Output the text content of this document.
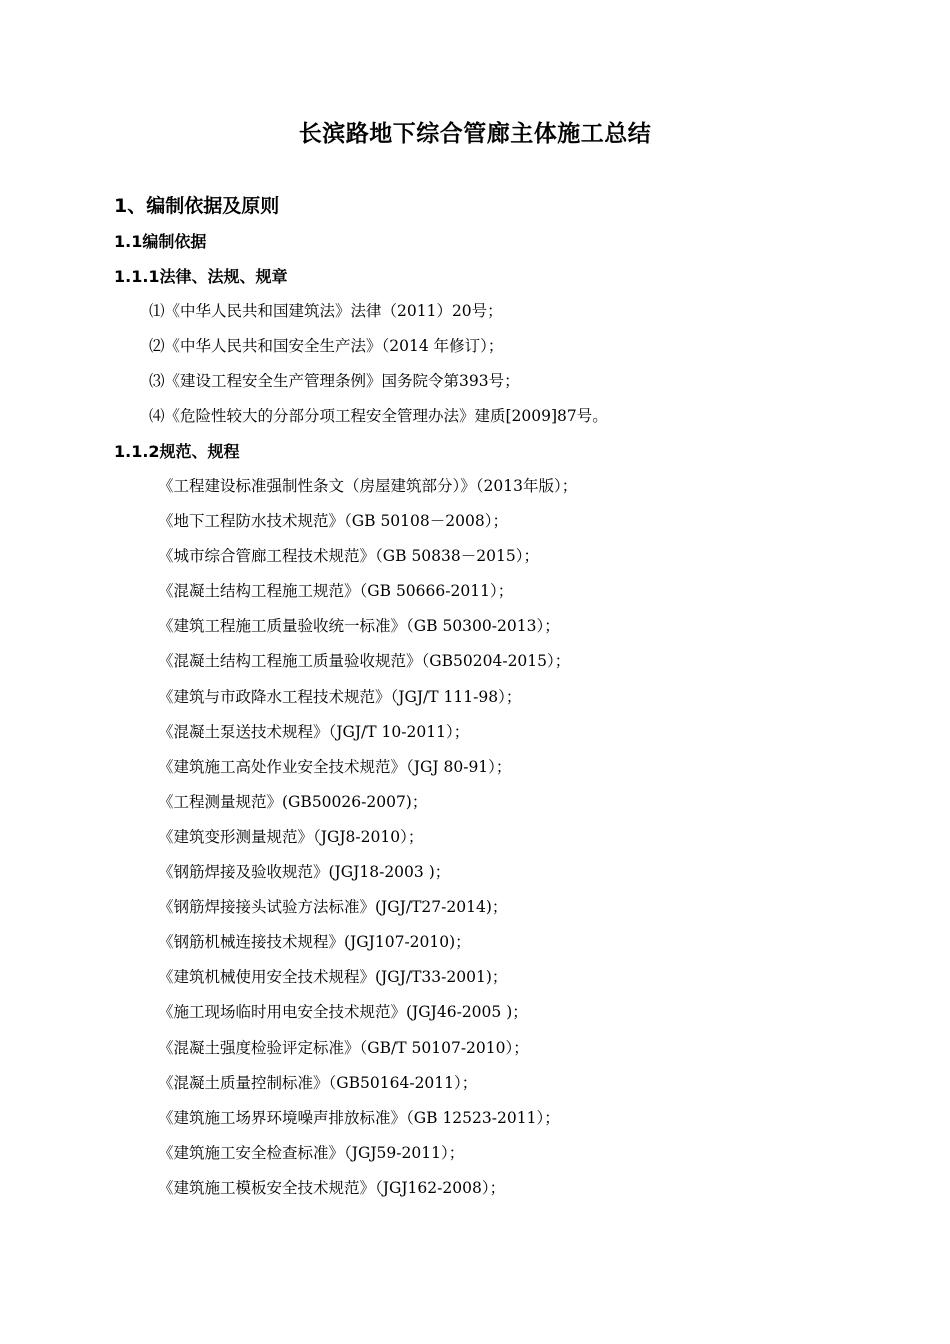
长滨路地下综合管廊主体施工总结
1、编制依据及原则
1.1编制依据
1.1.1法律、法规、规章
⑴《中华人民共和国建筑法》法律（2011）20号；
⑵《中华人民共和国安全生产法》（2014 年修订）；
⑶《建设工程安全生产管理条例》国务院令第393号；
⑷《危险性较大的分部分项工程安全管理办法》建质[2009]87号。
1.1.2规范、规程
《工程建设标准强制性条文（房屋建筑部分）》（2013年版）；
《地下工程防水技术规范》（GB 50108－2008）；
《城市综合管廊工程技术规范》（GB 50838－2015）；
《混凝土结构工程施工规范》（GB 50666-2011）；
《建筑工程施工质量验收统一标准》（GB 50300-2013）；
《混凝土结构工程施工质量验收规范》（GB50204-2015）；
《建筑与市政降水工程技术规范》（JGJ/T 111-98）；
《混凝土泵送技术规程》（JGJ/T 10-2011）；
《建筑施工高处作业安全技术规范》（JGJ 80-91）；
《工程测量规范》(GB50026-2007)；
《建筑变形测量规范》（JGJ8-2010）；
《钢筋焊接及验收规范》(JGJ18-2003 )；
《钢筋焊接接头试验方法标准》(JGJ/T27-2014)；
《钢筋机械连接技术规程》(JGJ107-2010)；
《建筑机械使用安全技术规程》(JGJ/T33-2001)；
《施工现场临时用电安全技术规范》(JGJ46-2005 )；
《混凝土强度检验评定标准》（GB/T 50107-2010）；
《混凝土质量控制标准》（GB50164-2011）；
《建筑施工场界环境噪声排放标准》（GB 12523-2011）；
《建筑施工安全检查标准》（JGJ59-2011）；
《建筑施工模板安全技术规范》（JGJ162-2008）；
